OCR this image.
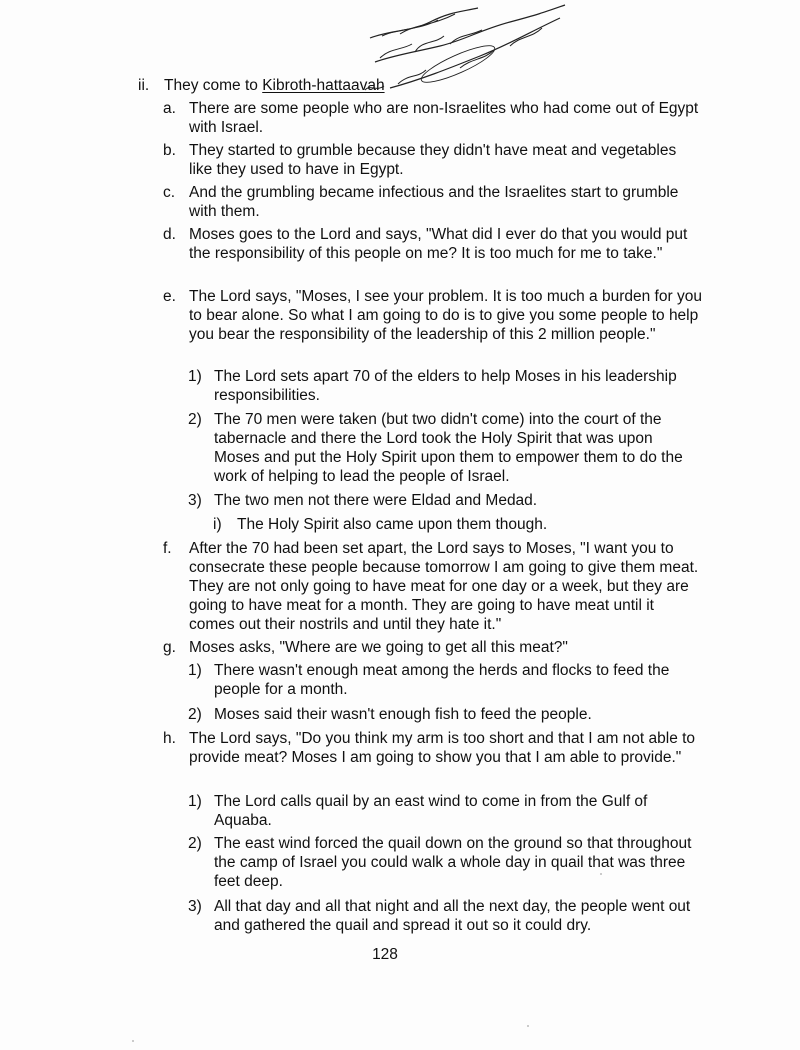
ii. They come to Kibroth-hattaavah
a. There are some people who are non-Israelites who had come out of Egypt with Israel.
b. They started to grumble because they didn't have meat and vegetables like they used to have in Egypt.
c. And the grumbling became infectious and the Israelites start to grumble with them.
d. Moses goes to the Lord and says, "What did I ever do that you would put the responsibility of this people on me? It is too much for me to take."
e. The Lord says, "Moses, I see your problem. It is too much a burden for you to bear alone. So what I am going to do is to give you some people to help you bear the responsibility of the leadership of this 2 million people."
1) The Lord sets apart 70 of the elders to help Moses in his leadership responsibilities.
2) The 70 men were taken (but two didn't come) into the court of the tabernacle and there the Lord took the Holy Spirit that was upon Moses and put the Holy Spirit upon them to empower them to do the work of helping to lead the people of Israel.
3) The two men not there were Eldad and Medad.
i) The Holy Spirit also came upon them though.
f.	After the 70 had been set apart, the Lord says to Moses, "I want you to consecrate these people because tomorrow I am going to give them meat. They are not only going to have meat for one day or a week, but they are going to have meat for a month. They are going to have meat until it comes out their nostrils and until they hate it."
g. Moses asks, "Where are we going to get all this meat?"
1) There wasn't enough meat among the herds and flocks to feed the people for a month.
2) Moses said their wasn't enough fish to feed the people.
h. The Lord says, "Do you think my arm is too short and that I am not able to provide meat? Moses I am going to show you that I am able to provide."
1) The Lord calls quail by an east wind to come in from the Gulf of Aquaba.
2) The east wind forced the quail down on the ground so that throughout the camp of Israel you could walk a whole day in quail that was three feet deep.
3) All that day and all that night and all the next day, the people went out and gathered the quail and spread it out so it could dry.
128
